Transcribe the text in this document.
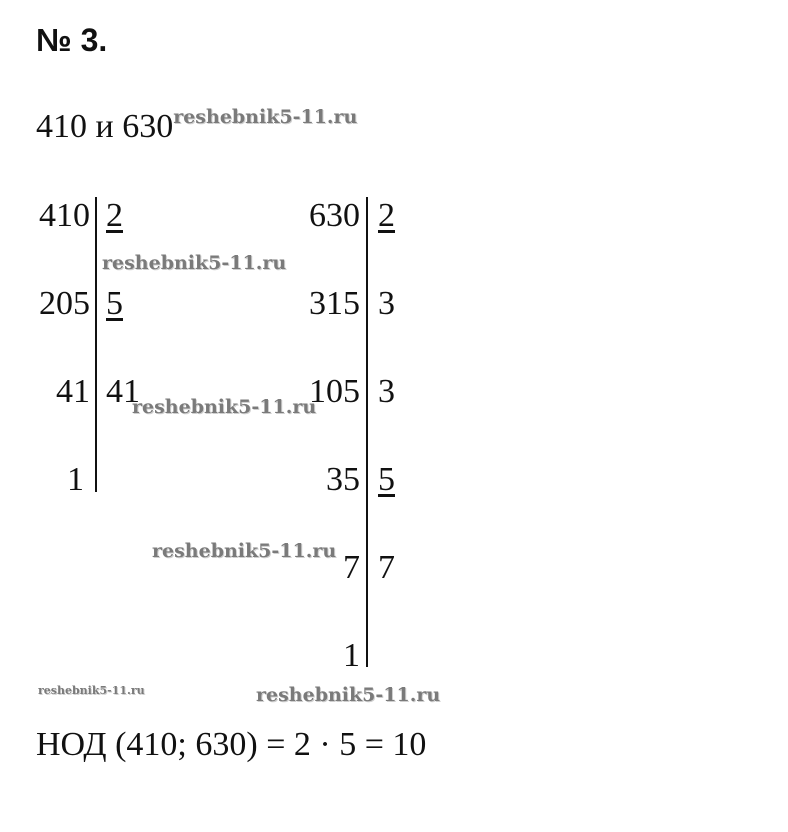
№ 3.
410 и $630^{reshebnik5-11.ru}$
410
205
41
1
2
5
41
630
315
105
35
7
1
2
3
3
5
7
reshebnik5-11.ru
reshebnik5-11.ru
reshebnik5-11.ru
reshebnik5-11.ru	reshebnik5-11.ru
НОД (410; 630) = 2 · 5 = 10
